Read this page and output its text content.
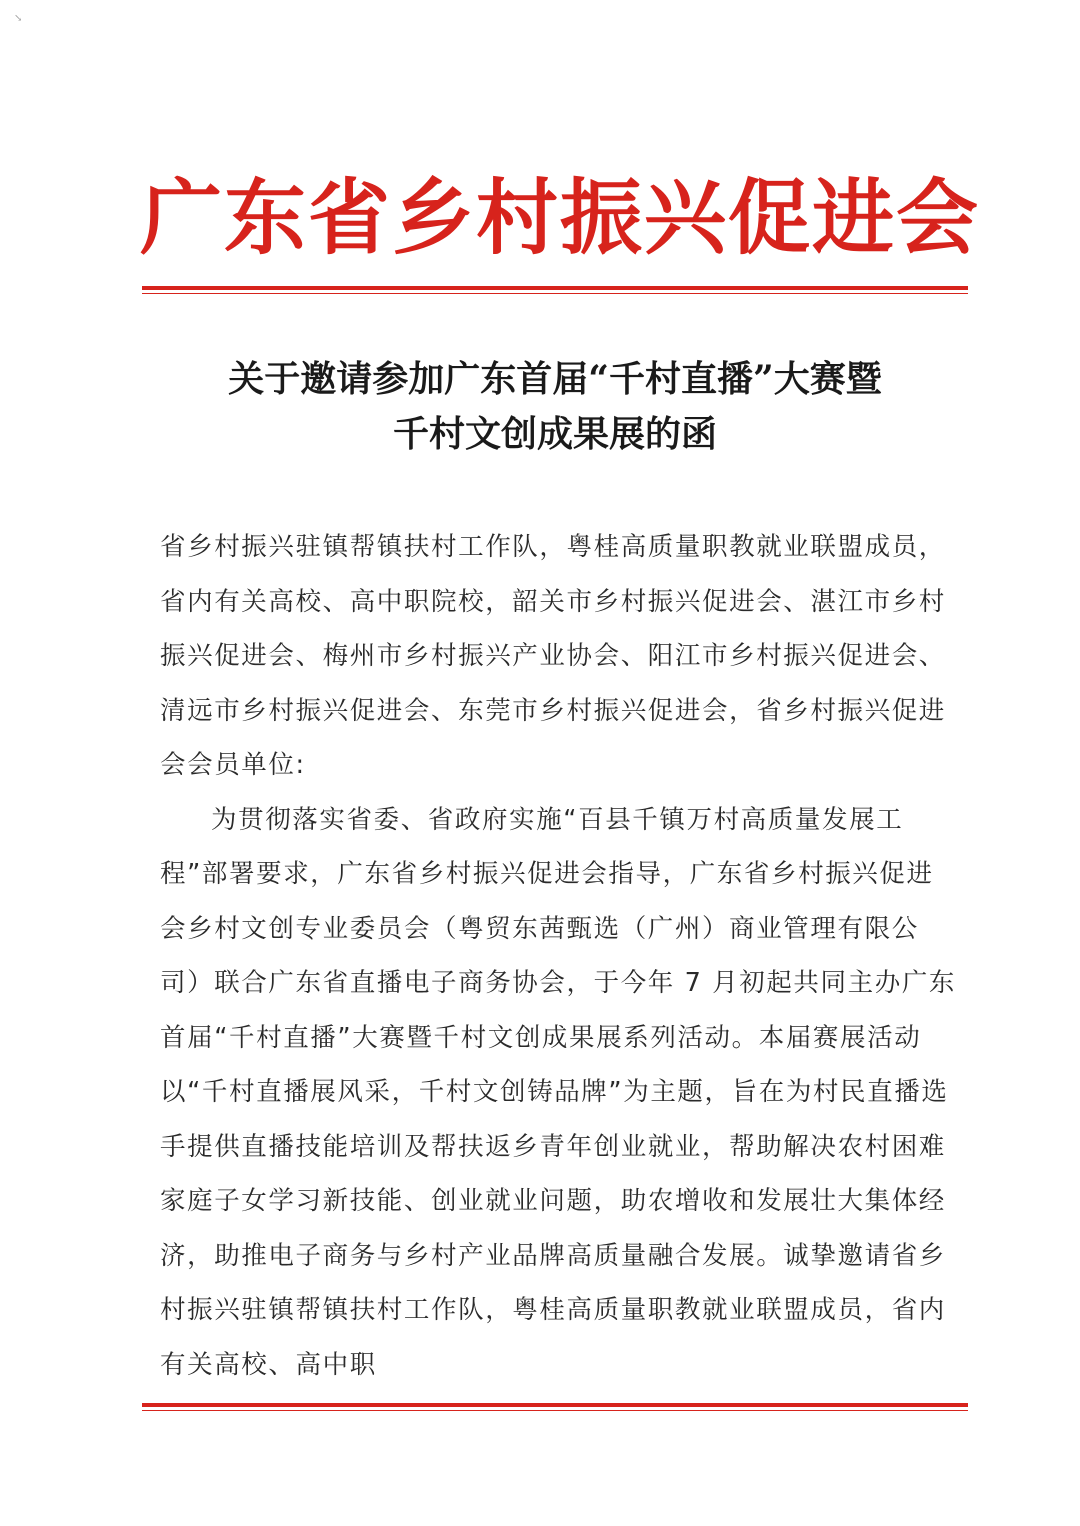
↘
广东省乡村振兴促进会
关于邀请参加广东首届“千村直播”大赛暨
千村文创成果展的函

省乡村振兴驻镇帮镇扶村工作队，粤桂高质量职教就业联盟成员，省内有关高校、高中职院校，韶关市乡村振兴促进会、湛江市乡村振兴促进会、梅州市乡村振兴产业协会、阳江市乡村振兴促进会、清远市乡村振兴促进会、东莞市乡村振兴促进会，省乡村振兴促进会会员单位:

为贯彻落实省委、省政府实施“百县千镇万村高质量发展工程”部署要求，广东省乡村振兴促进会指导，广东省乡村振兴促进会乡村文创专业委员会（粤贸东茜甄选（广州）商业管理有限公司）联合广东省直播电子商务协会，于今年 7 月初起共同主办广东首届“千村直播”大赛暨千村文创成果展系列活动。本届赛展活动以“千村直播展风采，千村文创铸品牌”为主题，旨在为村民直播选手提供直播技能培训及帮扶返乡青年创业就业，帮助解决农村困难家庭子女学习新技能、创业就业问题，助农增收和发展壮大集体经济，助推电子商务与乡村产业品牌高质量融合发展。诚挚邀请省乡村振兴驻镇帮镇扶村工作队，粤桂高质量职教就业联盟成员，省内有关高校、高中职
